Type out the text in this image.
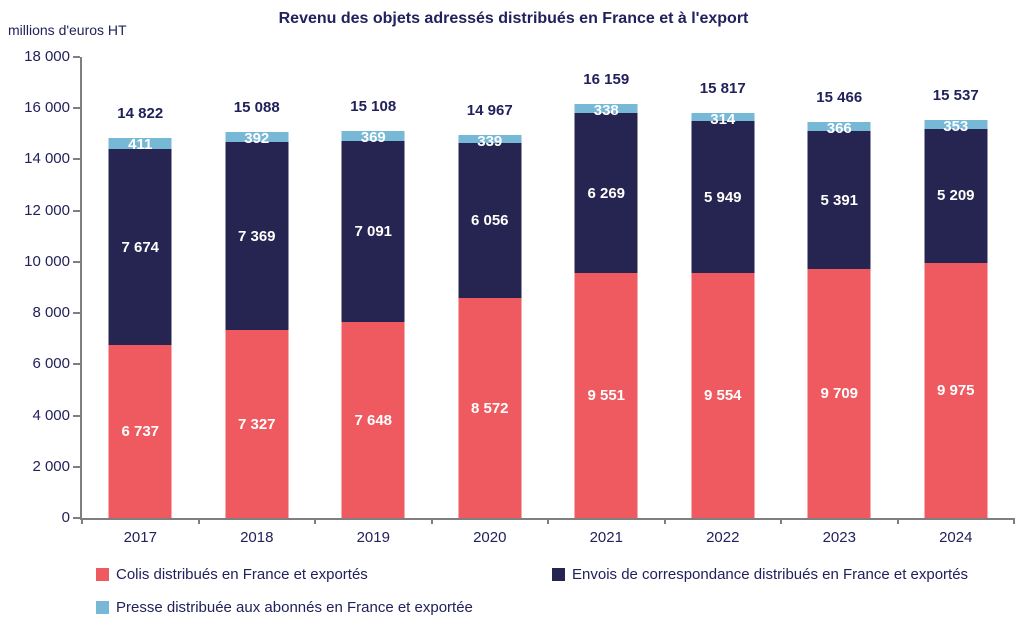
millions d'euros HT
Revenu des objets adressés distribués en France et à l'export
0
2 000
4 000
6 000
8 000
10 000
12 000
14 000
16 000
18 000
2017	2018	2019	2020	2021	2022	2023	2024
411
7 674
6 737
14 822
392
7 369
7 327
15 088
369
7 091
7 648
15 108
339
6 056
8 572
14 967	338
6 269
9 551
16 159
314
5 949
9 554
15 817
366
5 391
9 709
15 466
353
5 209
9 975
15 537
Colis distribués en France et exportés	Envois de correspondance distribués en France et exportés
Presse distribuée aux abonnés en France et exportée
